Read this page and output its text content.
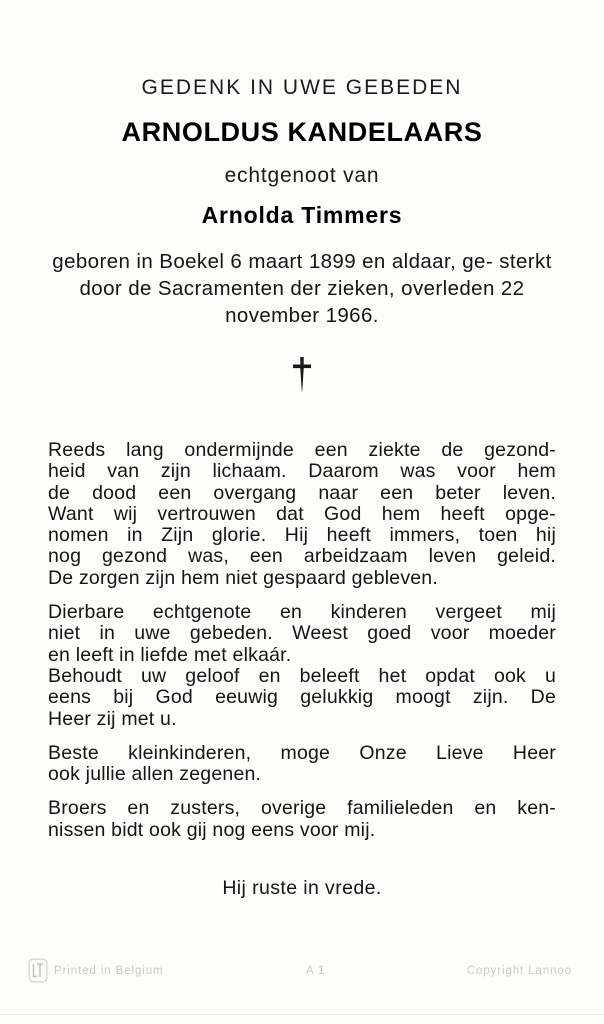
GEDENK IN UWE GEBEDEN
ARNOLDUS KANDELAARS
echtgenoot van
Arnolda Timmers
geboren in Boekel 6 maart 1899 en aldaar, ge- sterkt door de Sacramenten der zieken, overleden 22 november 1966.
Reeds lang ondermijnde een ziekte de gezond-
heid van zijn lichaam. Daarom was voor hem
de dood een overgang naar een beter leven.
Want wij vertrouwen dat God hem heeft opge-
nomen in Zijn glorie. Hij heeft immers, toen hij
nog gezond was, een arbeidzaam leven geleid.
De zorgen zijn hem niet gespaard gebleven.
Dierbare echtgenote en kinderen vergeet mij
niet in uwe gebeden. Weest goed voor moeder
en leeft in liefde met elkaár.
Behoudt uw geloof en beleeft het opdat ook u
eens bij God eeuwig gelukkig moogt zijn. De
Heer zij met u.
Beste kleinkinderen, moge Onze Lieve Heer
ook jullie allen zegenen.
Broers en zusters, overige familieleden en ken-
nissen bidt ook gij nog eens voor mij.
Hij ruste in vrede.
Printed in Belgium	A 1	Copyright Lannoo
